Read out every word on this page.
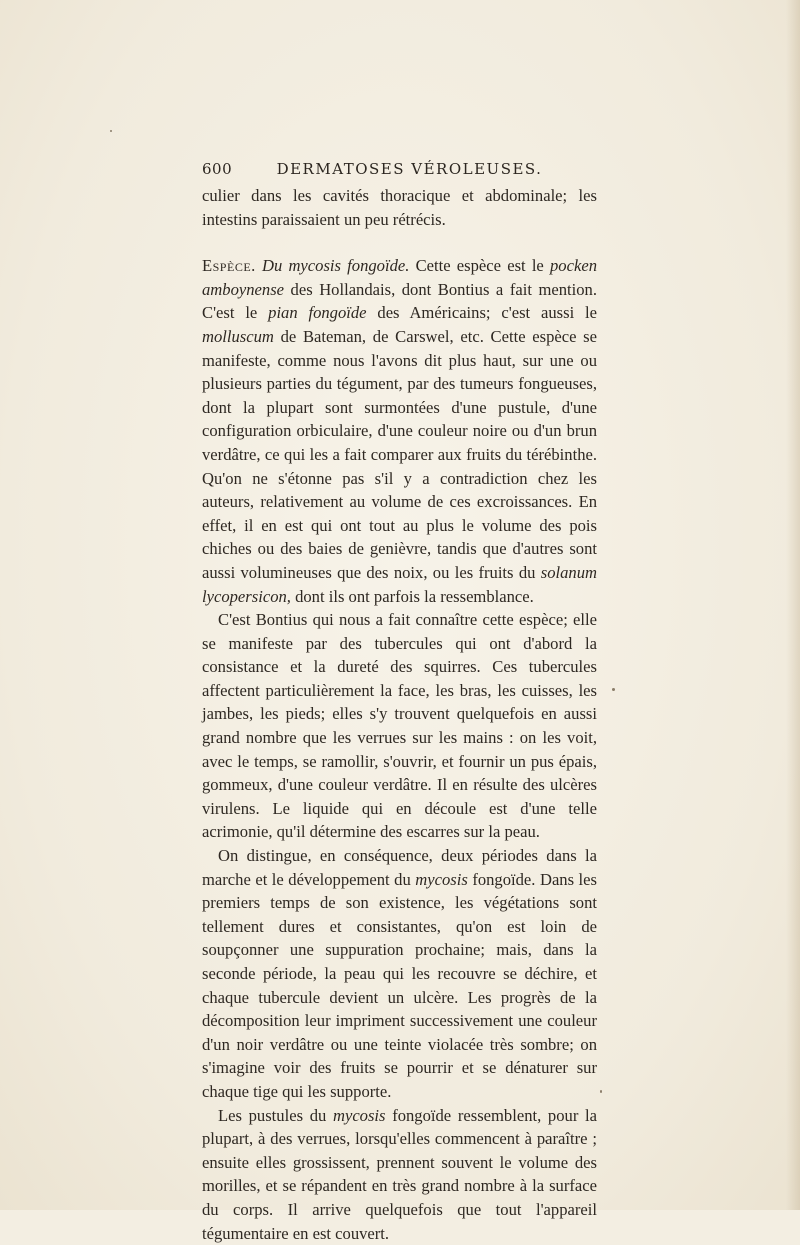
600	DERMATOSES VÉROLEUSES.

culier dans les cavités thoracique et abdominale; les intestins paraissaient un peu rétrécis.

Espèce. Du mycosis fongoïde. Cette espèce est le pocken amboynense des Hollandais, dont Bontius a fait mention. C'est le pian fongoïde des Américains; c'est aussi le molluscum de Bateman, de Carswel, etc. Cette espèce se manifeste, comme nous l'avons dit plus haut, sur une ou plusieurs parties du tégument, par des tumeurs fongueuses, dont la plupart sont surmontées d'une pustule, d'une configuration orbiculaire, d'une couleur noire ou d'un brun verdâtre, ce qui les a fait comparer aux fruits du térébinthe. Qu'on ne s'étonne pas s'il y a contradiction chez les auteurs, relativement au volume de ces excroissances. En effet, il en est qui ont tout au plus le volume des pois chiches ou des baies de genièvre, tandis que d'autres sont aussi volumineuses que des noix, ou les fruits du solanum lycopersicon, dont ils ont parfois la ressemblance.

C'est Bontius qui nous a fait connaître cette espèce; elle se manifeste par des tubercules qui ont d'abord la consistance et la dureté des squirres. Ces tubercules affectent particulièrement la face, les bras, les cuisses, les jambes, les pieds; elles s'y trouvent quelquefois en aussi grand nombre que les verrues sur les mains : on les voit, avec le temps, se ramollir, s'ouvrir, et fournir un pus épais, gommeux, d'une couleur verdâtre. Il en résulte des ulcères virulens. Le liquide qui en découle est d'une telle acrimonie, qu'il détermine des escarres sur la peau.

On distingue, en conséquence, deux périodes dans la marche et le développement du mycosis fongoïde. Dans les premiers temps de son existence, les végétations sont tellement dures et consistantes, qu'on est loin de soupçonner une suppuration prochaine; mais, dans la seconde période, la peau qui les recouvre se déchire, et chaque tubercule devient un ulcère. Les progrès de la décomposition leur impriment successivement une couleur d'un noir verdâtre ou une teinte violacée très sombre; on s'imagine voir des fruits se pourrir et se dénaturer sur chaque tige qui les supporte.

Les pustules du mycosis fongoïde ressemblent, pour la plupart, à des verrues, lorsqu'elles commencent à paraître ; ensuite elles grossissent, prennent souvent le volume des morilles, et se répandent en très grand nombre à la surface du corps. Il arrive quelquefois que tout l'appareil tégumentaire en est couvert.
